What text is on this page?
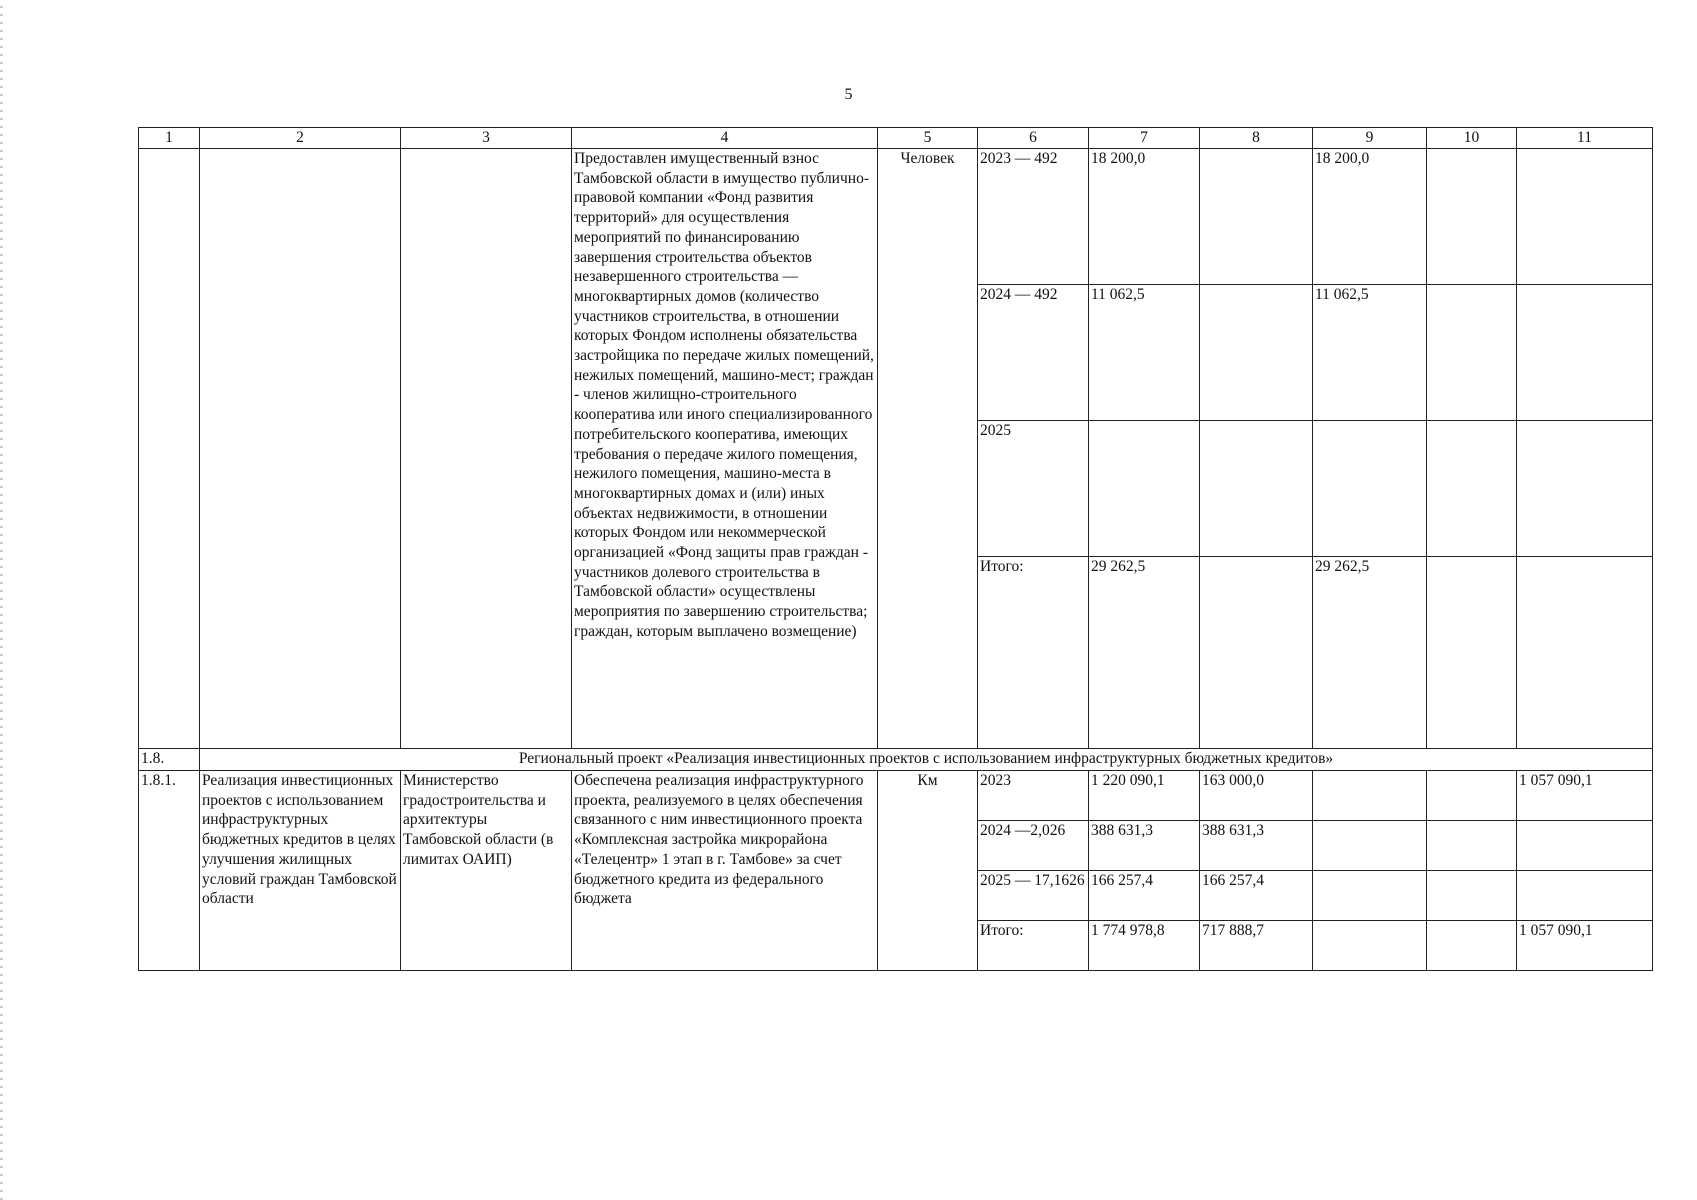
5
1	2	3	4	5	6	7	8	9	10	11
			Предоставлен имущественный взнос Тамбовской области в имущество публично-правовой компании «Фонд развития территорий» для осуществления мероприятий по финансированию завершения строительства объектов незавершенного строительства — многоквартирных домов (количество участников строительства, в отношении которых Фондом исполнены обязательства застройщика по передаче жилых помещений, нежилых помещений, машино-мест; граждан - членов жилищно-строительного кооператива или иного специализированного потребительского кооператива, имеющих требования о передаче жилого помещения, нежилого помещения, машино-места в многоквартирных домах и (или) иных объектах недвижимости, в отношении которых Фондом или некоммерческой организацией «Фонд защиты прав граждан - участников долевого строительства в Тамбовской области» осуществлены мероприятия по завершению строительства; граждан, которым выплачено возмещение)	Человек	2023 — 492	18 200,0		18 200,0		
					2024 — 492	11 062,5		11 062,5		
					2025					
					Итого:	29 262,5		29 262,5		
1.8.	Региональный проект «Реализация инвестиционных проектов с использованием инфраструктурных бюджетных кредитов»									
1.8.1.	Реализация инвестиционных проектов с использованием инфраструктурных бюджетных кредитов в целях улучшения жилищных условий граждан Тамбовской области	Министерство градостроительства и архитектуры Тамбовской области (в лимитах ОАИП)	Обеспечена реализация инфраструктурного проекта, реализуемого в целях обеспечения связанного с ним инвестиционного проекта «Комплексная застройка микрорайона «Телецентр» 1 этап в г. Тамбове» за счет бюджетного кредита из федерального бюджета	Км	2023	1 220 090,1	163 000,0			1 057 090,1
					2024 —2,026	388 631,3	388 631,3			
					2025 — 17,1626	166 257,4	166 257,4			
					Итого:	1 774 978,8	717 888,7			1 057 090,1
